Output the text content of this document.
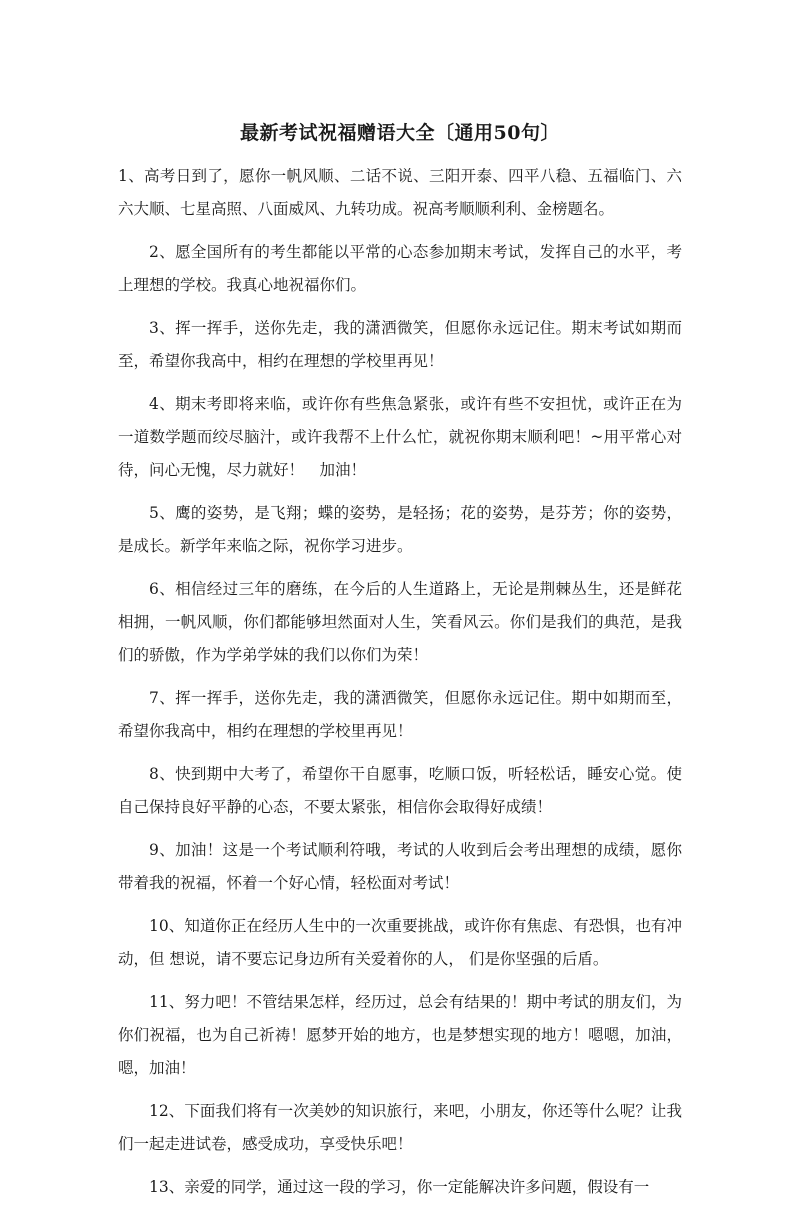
最新考试祝福赠语大全〔通用50句〕

1、高考日到了，愿你一帆风顺、二话不说、三阳开泰、四平八稳、五福临门、六六大顺、七星高照、八面威风、九转功成。祝高考顺顺利利、金榜题名。

2、愿全国所有的考生都能以平常的心态参加期末考试，发挥自己的水平，考上理想的学校。我真心地祝福你们。

3、挥一挥手，送你先走，我的潇洒微笑，但愿你永远记住。期末考试如期而至，希望你我高中，相约在理想的学校里再见！

4、期末考即将来临，或许你有些焦急紧张，或许有些不安担忧，或许正在为一道数学题而绞尽脑汁，或许我帮不上什么忙，就祝你期末顺利吧！~用平常心对待，问心无愧，尽力就好！　加油！

5、鹰的姿势，是飞翔；蝶的姿势，是轻扬；花的姿势，是芬芳；你的姿势，是成长。新学年来临之际，祝你学习进步。

6、相信经过三年的磨练，在今后的人生道路上，无论是荆棘丛生，还是鲜花相拥，一帆风顺，你们都能够坦然面对人生，笑看风云。你们是我们的典范，是我们的骄傲，作为学弟学妹的我们以你们为荣！

7、挥一挥手，送你先走，我的潇洒微笑，但愿你永远记住。期中如期而至，希望你我高中，相约在理想的学校里再见！

8、快到期中大考了，希望你干自愿事，吃顺口饭，听轻松话，睡安心觉。使自己保持良好平静的心态，不要太紧张，相信你会取得好成绩！

9、加油！这是一个考试顺利符哦，考试的人收到后会考出理想的成绩，愿你带着我的祝福，怀着一个好心情，轻松面对考试！

10、知道你正在经历人生中的一次重要挑战，或许你有焦虑、有恐惧，也有冲动，但 想说，请不要忘记身边所有关爱着你的人， 们是你坚强的后盾。

11、努力吧！不管结果怎样，经历过，总会有结果的！期中考试的朋友们，为你们祝福，也为自己祈祷！愿梦开始的地方，也是梦想实现的地方！嗯嗯，加油，嗯，加油！

12、下面我们将有一次美妙的知识旅行，来吧，小朋友，你还等什么呢？让我们一起走进试卷，感受成功，享受快乐吧！

13、亲爱的同学，通过这一段的学习，你一定能解决许多问题，假设有一
